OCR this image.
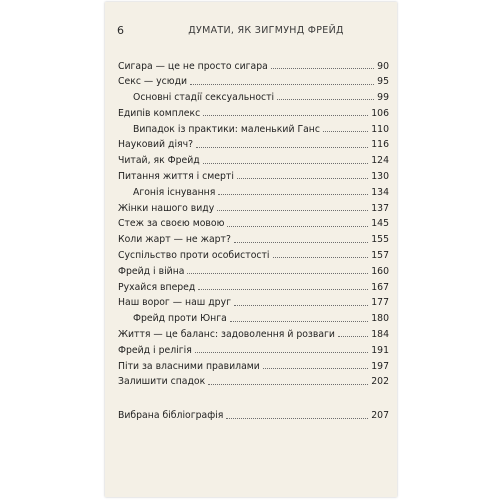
6	ДУМАТИ, ЯК ЗИГМУНД ФРЕЙД
Сигара — це не просто сигара	90
Секс — усюди	95
Основні стадії сексуальності	99
Едипів комплекс	106
Випадок із практики: маленький Ганс	110
Науковий діяч?	116
Читай, як Фрейд	124
Питання життя і смерті	130
Агонія існування	134
Жінки нашого виду	137
Стеж за своєю мовою	145
Коли жарт — не жарт?	155
Суспільство проти особистості	157
Фрейд і війна	160
Рухайся вперед	167
Наш ворог — наш друг	177
Фрейд проти Юнга	180
Життя — це баланс: задоволення й розваги	184
Фрейд і релігія	191
Піти за власними правилами	197
Залишити спадок	202
Вибрана бібліографія	207
